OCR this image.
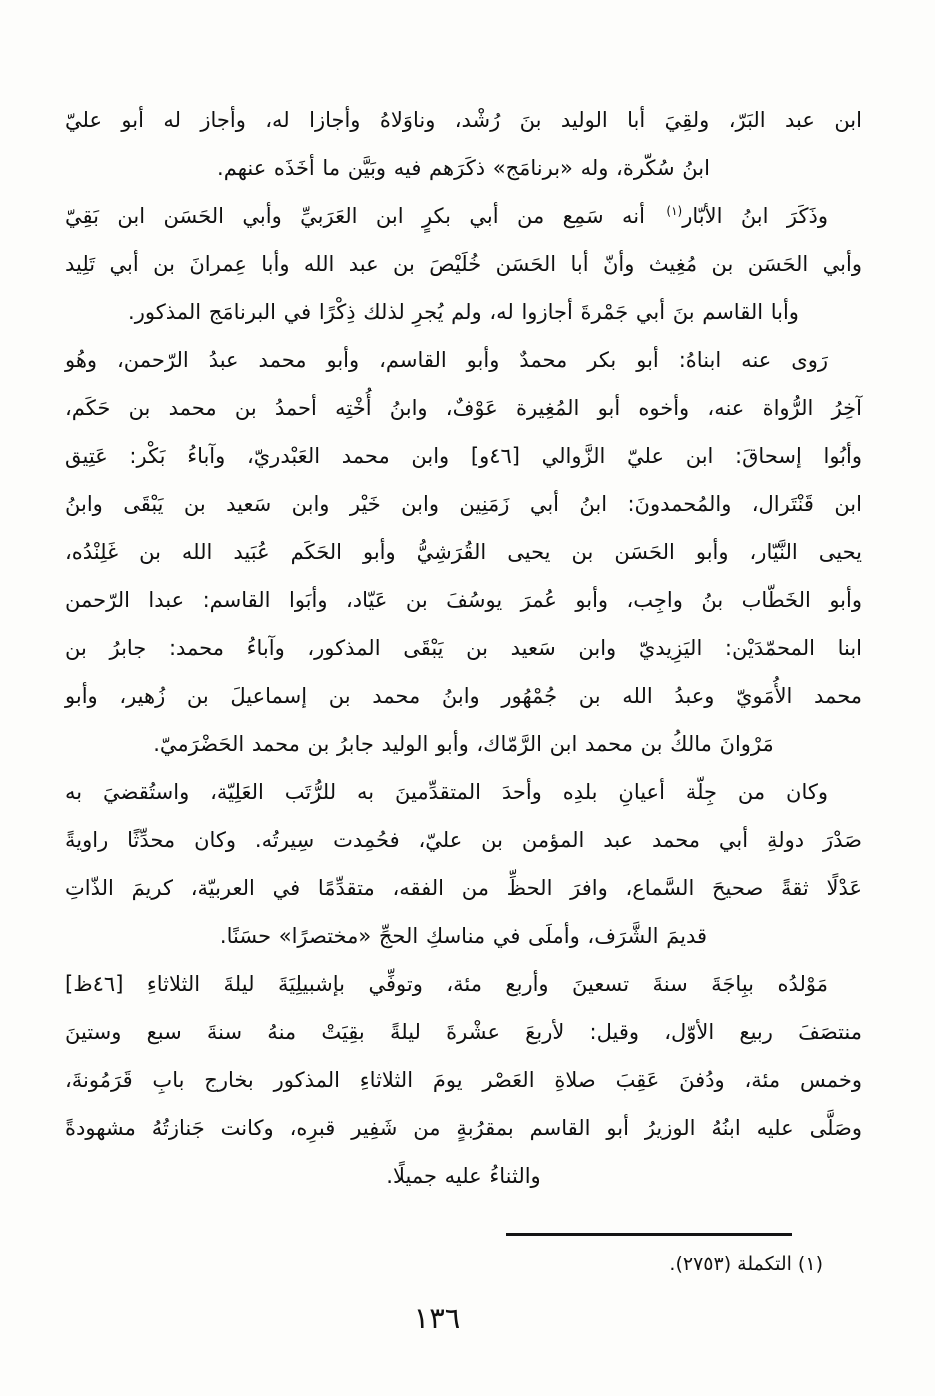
ابن عبد البَرّ، ولقِيَ أبا الوليد بنَ رُشْد، وناوَلاهُ وأجازا له، وأجاز له أبو عليّ
ابنُ سُكّرة، وله «برنامَج» ذكَرَهم فيه وبَيَّن ما أخَذَه عنهم.
وذَكَرَ ابنُ الأبّار$^{(١)}$ أنه سَمِع من أبي بكرٍ ابن العَرَبيِّ وأبي الحَسَن ابن بَقِيّ
وأبي الحَسَن بن مُغِيث وأنّ أبا الحَسَن خُلَيْصَ بن عبد الله وأبا عِمرانَ بن أبي تَلِيد
وأبا القاسم بنَ أبي جَمْرةَ أجازوا له، ولم يُجرِ لذلك ذِكْرًا في البرنامَج المذكور.
رَوى عنه ابناهُ: أبو بكر محمدٌ وأبو القاسم، وأبو محمد عبدُ الرّحمن، وهُو
آخِرُ الرُّواة عنه، وأخوه أبو المُغِيرة عَوْفٌ، وابنُ أُخْتِه أحمدُ بن محمد بن حَكَم،
وأبُوا إسحاقَ: ابن عليّ الزَّوالي [٤٦و] وابن محمد العَبْدريّ، وآباءُ بَكْر: عَتِيق
ابن قَنْتَرال، والمُحمدونَ: ابنُ أبي زَمَنِين وابن خَيْر وابن سَعيد بن يَبْقَى وابنُ
يحيى النَّيّار، وأبو الحَسَن بن يحيى القُرَشِيُّ وأبو الحَكَم عُبَيد الله بن غَلِنْدُه،
وأبو الخَطّاب بنُ واجِب، وأبو عُمرَ يوسُفَ بن عَيّاد، وأبَوا القاسم: عبدا الرّحمن
ابنا المحمّدَيْن: اليَزِيديّ وابن سَعيد بن يَبْقَى المذكور، وآباءُ محمد: جابرُ بن
محمد الأُمَويّ وعبدُ الله بن جُمْهُور وابنُ محمد بن إسماعيلَ بن زُهير، وأبو
مَرْوانَ مالكُ بن محمد ابن الرَّمّاك، وأبو الوليد جابرُ بن محمد الحَضْرَميّ.
وكان من جِلّة أعيانِ بلدِه وأحدَ المتقدِّمينَ به للرُّتَب العَلِيّة، واستُقضيَ به
صَدْرَ دولةِ أبي محمد عبد المؤمن بن عليّ، فحُمِدت سِيرتُه. وكان محدِّثًا راويةً
عَدْلًا ثقةً صحيحَ السَّماع، وافرَ الحظِّ من الفقه، متقدِّمًا في العربيّة، كريمَ الذّاتِ
قديمَ الشَّرَف، وأملَى في مناسكِ الحجِّ «مختصرًا» حسَنًا.
مَوْلدُه ببِاجَةَ سنةَ تسعينَ وأربع مئة، وتوفِّي بإشبيلِيَةَ ليلةَ الثلاثاءِ [٤٦ظ]
منتصَفَ ربيع الأوّل، وقيل: لأربعَ عشْرةَ ليلةً بقِيَتْ منهُ سنةَ سبع وستينَ
وخمس مئة، ودُفنَ عَقِبَ صلاةِ العَصْر يومَ الثلاثاءِ المذكور بخارج بابِ قَرَمُونةَ،
وصَلَّى عليه ابنُهُ الوزيرُ أبو القاسم بمقرُبةٍ من شَفِير قبرِه، وكانت جَنازتُهُ مشهودةً
والثناءُ عليه جميلًا.
(١) التكملة (٢٧٥٣).
١٣٦
